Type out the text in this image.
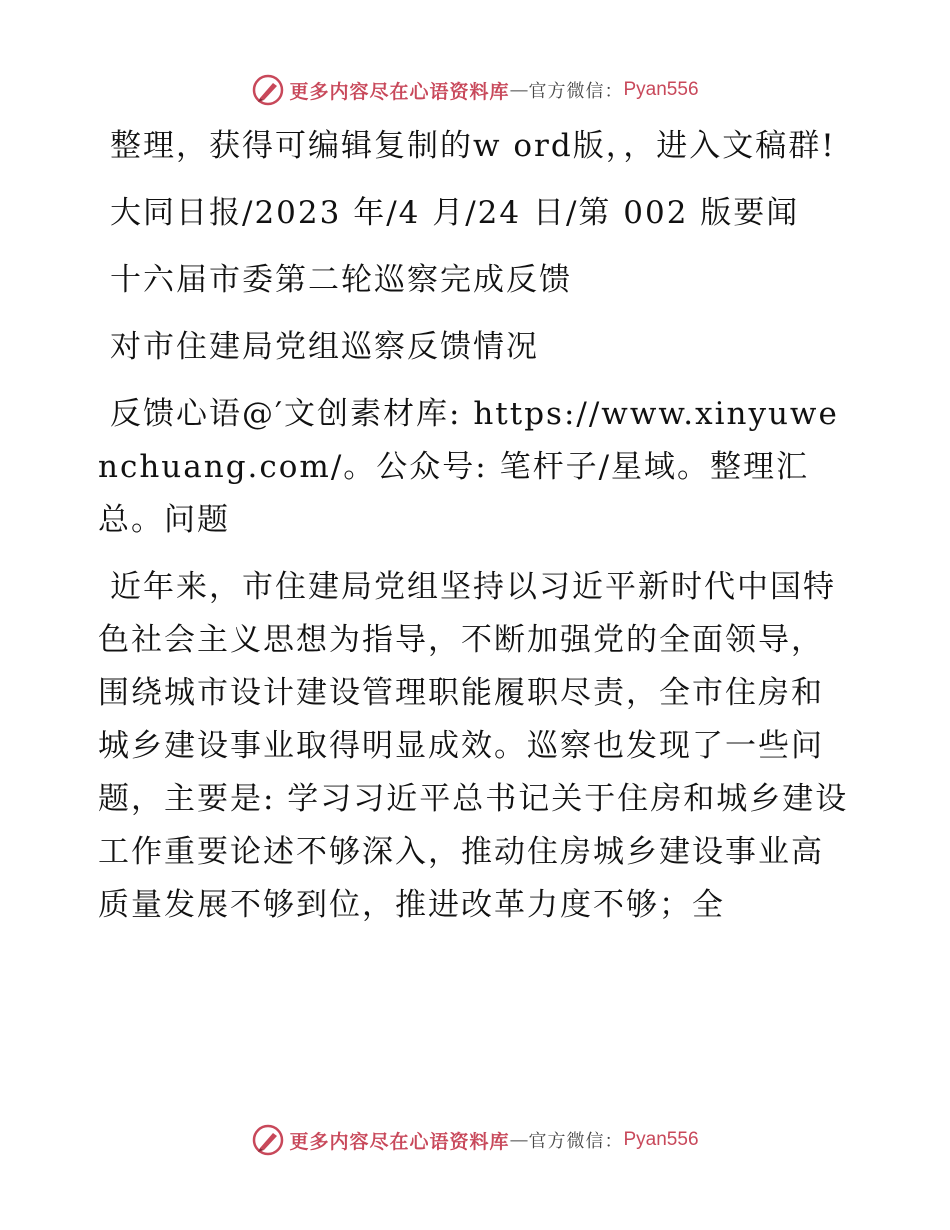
更多内容尽在心语资料库 — 官方微信： Pyan556

整理，获得可编辑复制的w ord版，，进入文稿群!

大同日报/2023 年/4 月/24 日/第 002 版要闻

十六届市委第二轮巡察完成反馈

对市住建局党组巡察反馈情况

反馈心语@′文创素材库: https://www.xinyuwenchuang.com/。公众号: 笔杆子/星域。整理汇总。问题

近年来，市住建局党组坚持以习近平新时代中国特色社会主义思想为指导，不断加强党的全面领导，围绕城市设计建设管理职能履职尽责，全市住房和城乡建设事业取得明显成效。巡察也发现了一些问题，主要是: 学习习近平总书记关于住房和城乡建设工作重要论述不够深入，推动住房城乡建设事业高质量发展不够到位，推进改革力度不够；全

更多内容尽在心语资料库 — 官方微信： Pyan556
